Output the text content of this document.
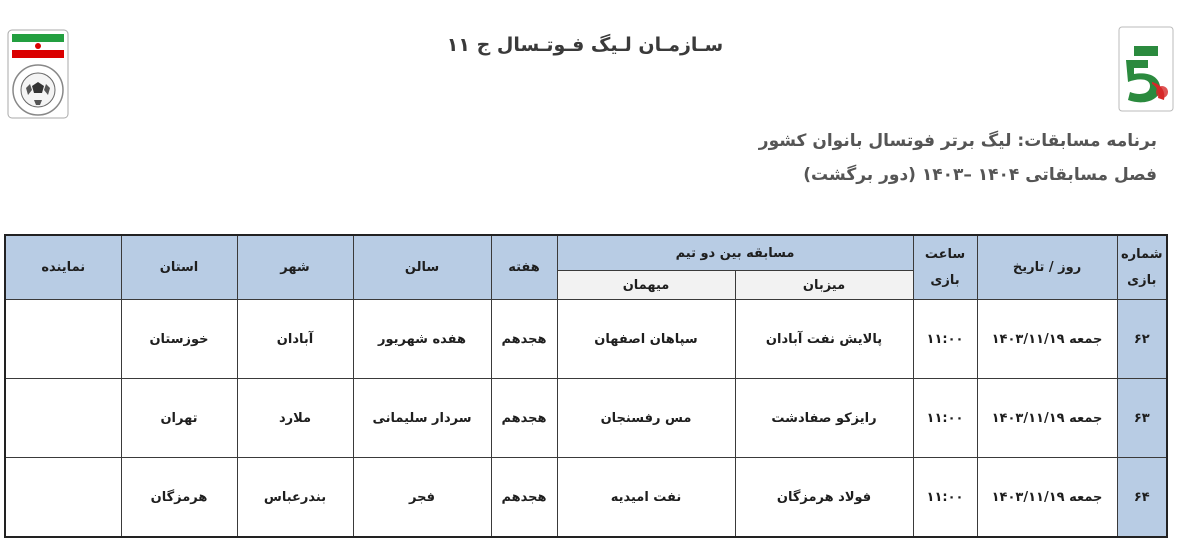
سـازمـان لـیگ فـوتـسال ج ۱۱
برنامه مسابقات: لیگ برتر فوتسال بانوان کشور
فصل مسابقاتی ۱۴۰۴ –۱۴۰۳ (دور برگشت)
شماره
بازی	روز / تاریخ	ساعت
بازی	مسابقه بین دو تیم		هفته	سالن	شهر	استان	نماینده
			میزبان	میهمان					
۶۲	جمعه ۱۴۰۳/۱۱/۱۹	۱۱:۰۰	پالایش نفت آبادان	سپاهان اصفهان	هجدهم	هفده شهریور	آبادان	خوزستان	
۶۳	جمعه ۱۴۰۳/۱۱/۱۹	۱۱:۰۰	رایزکو صفادشت	مس رفسنجان	هجدهم	سردار سلیمانی	ملارد	تهران	
۶۴	جمعه ۱۴۰۳/۱۱/۱۹	۱۱:۰۰	فولاد هرمزگان	نفت امیدیه	هجدهم	فجر	بندرعباس	هرمزگان	
